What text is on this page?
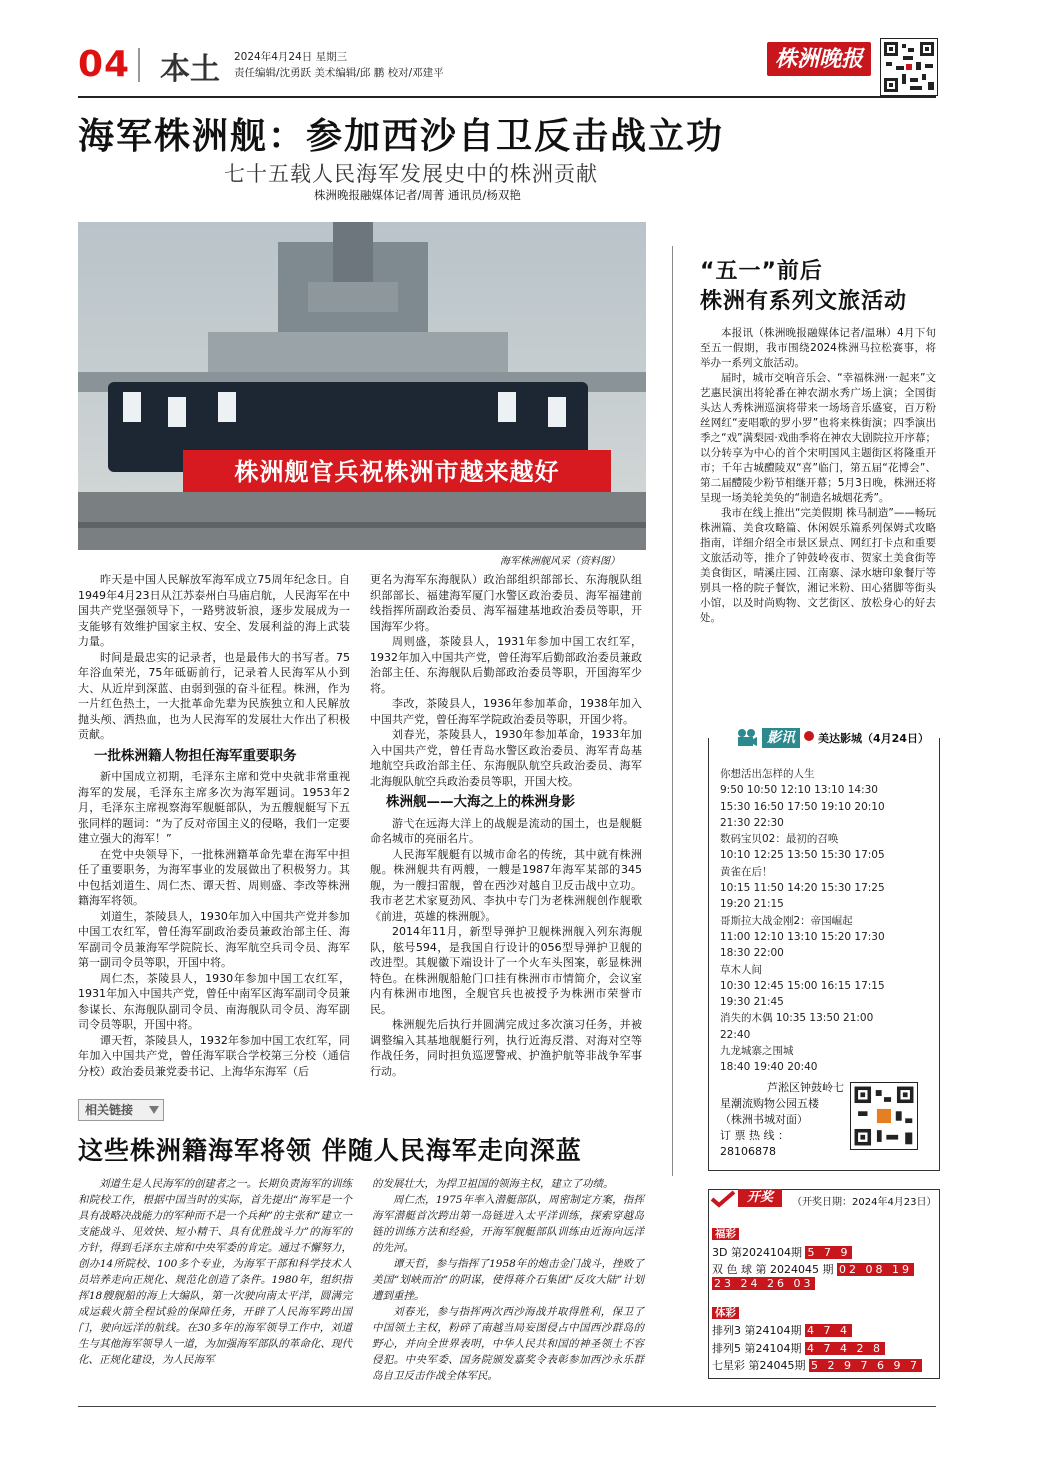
04 本土 2024年4月24日 星期三
责任编辑/沈勇跃 美术编辑/邱 鹏 校对/邓建平
株洲晚报
海军株洲舰：参加西沙自卫反击战立功
七十五载人民海军发展史中的株洲贡献
株洲晚报融媒体记者/周菁 通讯员/杨双艳
株洲舰官兵祝株洲市越来越好
海军株洲舰风采（资料图）

昨天是中国人民解放军海军成立75周年纪念日。自1949年4月23日从江苏泰州白马庙启航，人民海军在中国共产党坚强领导下，一路劈波斩浪，逐步发展成为一支能够有效维护国家主权、安全、发展利益的海上武装力量。

时间是最忠实的记录者，也是最伟大的书写者。75年浴血荣光，75年砥砺前行，记录着人民海军从小到大、从近岸到深蓝、由弱到强的奋斗征程。株洲，作为一片红色热土，一大批革命先辈为民族独立和人民解放抛头颅、洒热血，也为人民海军的发展壮大作出了积极贡献。

一批株洲籍人物担任海军重要职务

新中国成立初期，毛泽东主席和党中央就非常重视海军的发展，毛泽东主席多次为海军题词。1953年2月，毛泽东主席视察海军舰艇部队，为五艘舰艇写下五张同样的题词：“为了反对帝国主义的侵略，我们一定要建立强大的海军！”

在党中央领导下，一批株洲籍革命先辈在海军中担任了重要职务，为海军事业的发展做出了积极努力。其中包括刘道生、周仁杰、谭天哲、周则盛、李改等株洲籍海军将领。

刘道生，茶陵县人，1930年加入中国共产党并参加中国工农红军，曾任海军副政治委员兼政治部主任、海军副司令员兼海军学院院长、海军航空兵司令员、海军第一副司令员等职，开国中将。

周仁杰，茶陵县人，1930年参加中国工农红军，1931年加入中国共产党，曾任中南军区海军副司令员兼参谋长、东海舰队副司令员、南海舰队司令员、海军副司令员等职，开国中将。

谭天哲，茶陵县人，1932年参加中国工农红军，同年加入中国共产党，曾任海军联合学校第三分校（通信分校）政治委员兼党委书记、上海华东海军（后

更名为海军东海舰队）政治部组织部部长、东海舰队组织部部长、福建海军厦门水警区政治委员、海军福建前线指挥所副政治委员、海军福建基地政治委员等职，开国海军少将。

周则盛，茶陵县人，1931年参加中国工农红军，1932年加入中国共产党，曾任海军后勤部政治委员兼政治部主任、东海舰队后勤部政治委员等职，开国海军少将。

李改，茶陵县人，1936年参加革命，1938年加入中国共产党，曾任海军学院政治委员等职，开国少将。

刘春光，茶陵县人，1930年参加革命，1933年加入中国共产党，曾任青岛水警区政治委员、海军青岛基地航空兵政治部主任、东海舰队航空兵政治委员、海军北海舰队航空兵政治委员等职，开国大校。

株洲舰——大海之上的株洲身影

游弋在远海大洋上的战舰是流动的国土，也是舰艇命名城市的亮丽名片。

人民海军舰艇有以城市命名的传统，其中就有株洲舰。株洲舰共有两艘，一艘是1987年海军某部的345舰，为一艘扫雷舰，曾在西沙对越自卫反击战中立功。我市老艺术家夏劲风、李执中专门为老株洲舰创作舰歌《前进，英雄的株洲舰》。

2014年11月，新型导弹护卫舰株洲舰入列东海舰队，舷号594，是我国自行设计的056型导弹护卫舰的改进型。其舰徽下端设计了一个火车头图案，彰显株洲特色。在株洲舰船舱门口挂有株洲市市情简介，会议室内有株洲市地图，全舰官兵也被授予为株洲市荣誉市民。

株洲舰先后执行并圆满完成过多次演习任务，并被调整编入其基地舰艇行列，执行近海反潜、对海对空等作战任务，同时担负巡逻警戒、护渔护航等非战争军事行动。

“五一”前后
株洲有系列文旅活动

本报讯（株洲晚报融媒体记者/温琳）4月下旬至五一假期，我市围绕2024株洲马拉松赛事，将举办一系列文旅活动。

届时，城市交响音乐会、“幸福株洲·一起来”文艺惠民演出将轮番在神农湖水秀广场上演；全国街头达人秀株洲巡演将带来一场场音乐盛宴，百万粉丝网红“麦唱歌的罗小罗”也将来株街演；四季演出季之“戏”满梨园·戏曲季将在神农大剧院拉开序幕；以分转享为中心的首个宋明国风主题街区将隆重开市；千年古城醴陵双“喜”临门，第五届“花博会”、第二届醴陵少粉节相继开幕；5月3日晚，株洲还将呈现一场美轮美奂的“制造名城烟花秀”。

我市在线上推出“完美假期 株马制造”——畅玩株洲篇、美食攻略篇、休闲娱乐篇系列保姆式攻略指南，详细介绍全市景区景点、网红打卡点和重要文旅活动等，推介了钟鼓岭夜市、贺家土美食街等美食街区，晴溪庄园、江南寨、渌水塘印象餐厅等别具一格的院子餐饮，湘记米粉、田心猪脚等街头小馆，以及时尚购物、文艺街区、放松身心的好去处。

影讯	美达影城（4月24日）
你想活出怎样的人生
9:50 10:50 12:10 13:10 14:30
15:30 16:50 17:50 19:10 20:10
21:30 22:30
数码宝贝02：最初的召唤
10:10 12:25 13:50 15:30 17:05
黄雀在后！
10:15 11:50 14:20 15:30 17:25
19:20 21:15
哥斯拉大战金刚2：帝国崛起
11:00 12:10 13:10 15:20 17:30
18:30 22:00
草木人间
10:30 12:45 15:00 16:15 17:15
19:30 21:45
消失的木偶 10:35 13:50 21:00
22:40
九龙城寨之围城
18:40 19:40 20:40
芦淞区钟鼓岭七
星潮流购物公园五楼
（株洲书城对面）
订 票 热 线 ：
28106878
相关链接
这些株洲籍海军将领 伴随人民海军走向深蓝

刘道生是人民海军的创建者之一。长期负责海军的训练和院校工作，根据中国当时的实际，首先提出“海军是一个具有战略决战能力的军种而不是一个兵种”的主张和“建立一支能战斗、见效快、短小精干、具有优胜战斗力”的海军的方针，得到毛泽东主席和中央军委的肯定。通过不懈努力，创办14所院校、100多个专业，为海军干部和科学技术人员培养走向正规化、规范化创造了条件。1980年，组织指挥18艘舰船的海上大编队，第一次驶向南太平洋，圆满完成运载火箭全程试验的保障任务，开辟了人民海军跨出国门，驶向远洋的航线。在30多年的海军领导工作中，刘道生与其他海军领导人一道，为加强海军部队的革命化、现代化、正规化建设，为人民海军

的发展壮大，为捍卫祖国的领海主权，建立了功绩。

周仁杰，1975年率入潜艇部队，周密制定方案，指挥海军潜艇首次跨出第一岛链进入太平洋训练，探索穿越岛链的训练方法和经验，开海军舰艇部队训练由近海向远洋的先河。

谭天哲，参与指挥了1958年的炮击金门战斗，挫败了美国“划峡而治”的阴谋，使得蒋介石集团“反攻大陆”计划遭到重挫。

刘春光，参与指挥两次西沙海战并取得胜利，保卫了中国领土主权，粉碎了南越当局妄图侵占中国西沙群岛的野心，并向全世界表明，中华人民共和国的神圣领土不容侵犯。中央军委、国务院颁发嘉奖令表彰参加西沙永乐群岛自卫反击作战全体军民。

开奖	（开奖日期：2024年4月23日）
福彩
3D 第2024104期 5 7 9
双 色 球 第 2024045 期 02 08 19
23 24 26 03
体彩
排列3 第24104期 4 7 4
排列5 第24104期 4 7 4 2 8
七星彩 第24045期 5 2 9 7 6 9 7
